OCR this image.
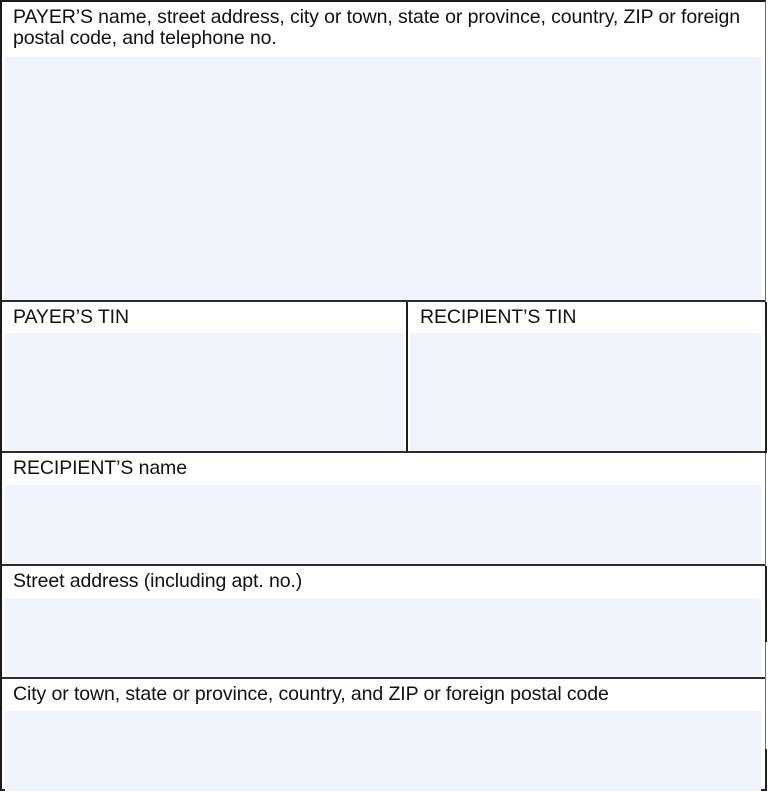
PAYER’S name, street address, city or town, state or province, country, ZIP or foreign postal code, and telephone no.
PAYER’S TIN	RECIPIENT’S TIN
RECIPIENT’S name
Street address (including apt. no.)
City or town, state or province, country, and ZIP or foreign postal code
